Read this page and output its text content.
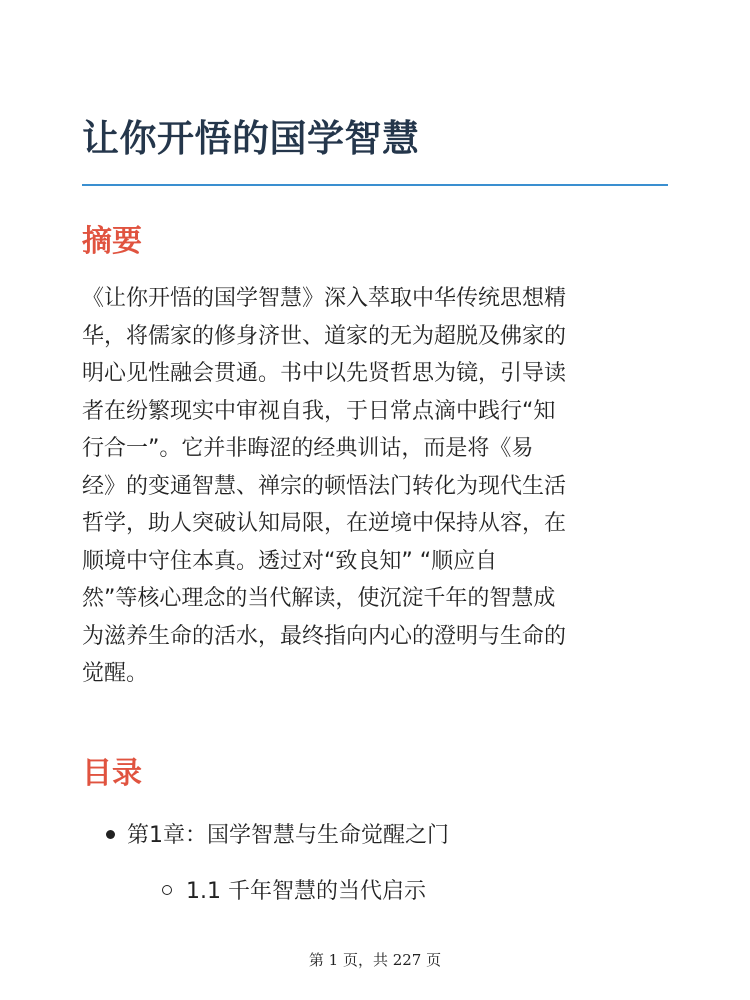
让你开悟的国学智慧
摘要

《让你开悟的国学智慧》深入萃取中华传统思想精
华，将儒家的修身济世、道家的无为超脱及佛家的
明心见性融会贯通。书中以先贤哲思为镜，引导读
者在纷繁现实中审视自我，于日常点滴中践行“知
行合一”。它并非晦涩的经典训诂，而是将《易
经》的变通智慧、禅宗的顿悟法门转化为现代生活
哲学，助人突破认知局限，在逆境中保持从容，在
顺境中守住本真。透过对“致良知” “顺应自
然”等核心理念的当代解读，使沉淀千年的智慧成
为滋养生命的活水，最终指向内心的澄明与生命的
觉醒。

目录
第1章：国学智慧与生命觉醒之门
1.1 千年智慧的当代启示
第 1 页，共 227 页
